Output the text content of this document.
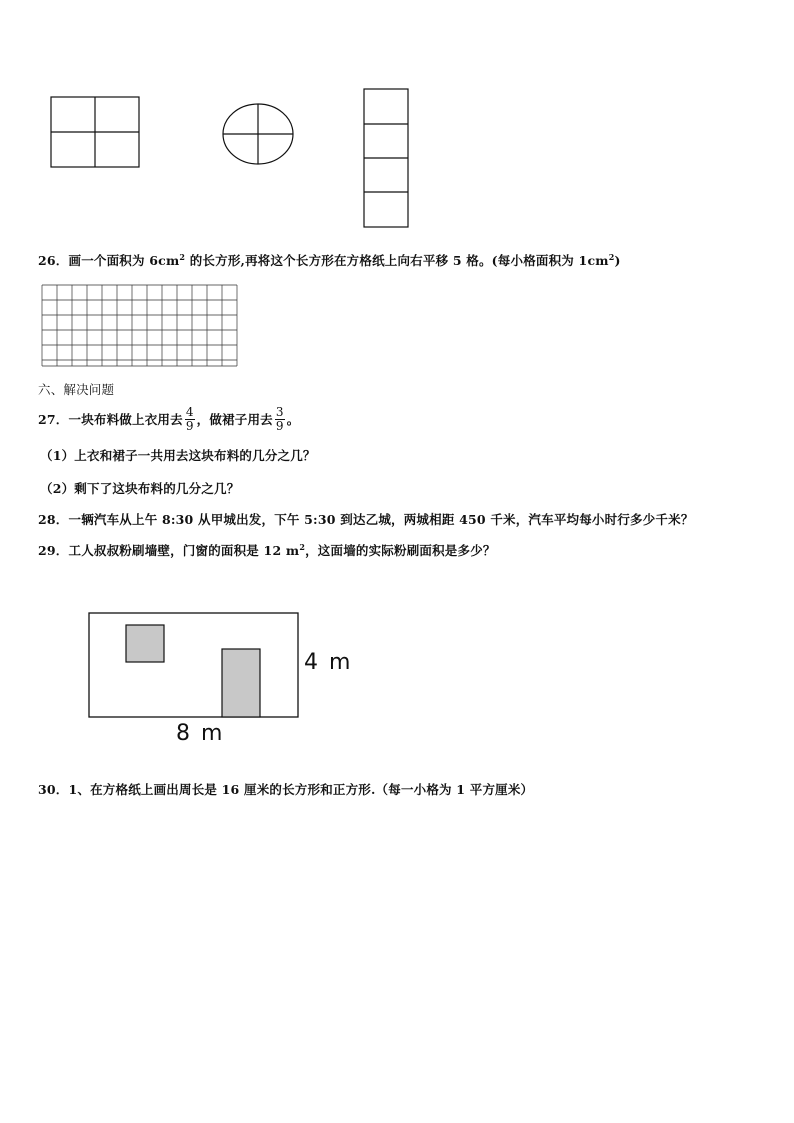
26．画一个面积为 $6cm^2$ 的长方形,再将这个长方形在方格纸上向右平移 5 格。(每小格面积为 $1cm^2$)
六、解决问题
27． 一块布料做上衣用去 $\frac{4}{9}$ ，做裙子用去 $\frac{3}{9}$ 。
（1）上衣和裙子一共用去这块布料的几分之几？
（2）剩下了这块布料的几分之几？
28．一辆汽车从上午 8:30 从甲城出发，下午 5:30 到达乙城，两城相距 450 千米，汽车平均每小时行多少千米？
29．工人叔叔粉刷墙壁，门窗的面积是 12 $m^2$，这面墙的实际粉刷面积是多少？
4 m
8 m
30．1、在方格纸上画出周长是 16 厘米的长方形和正方形.（每一小格为 1 平方厘米）
